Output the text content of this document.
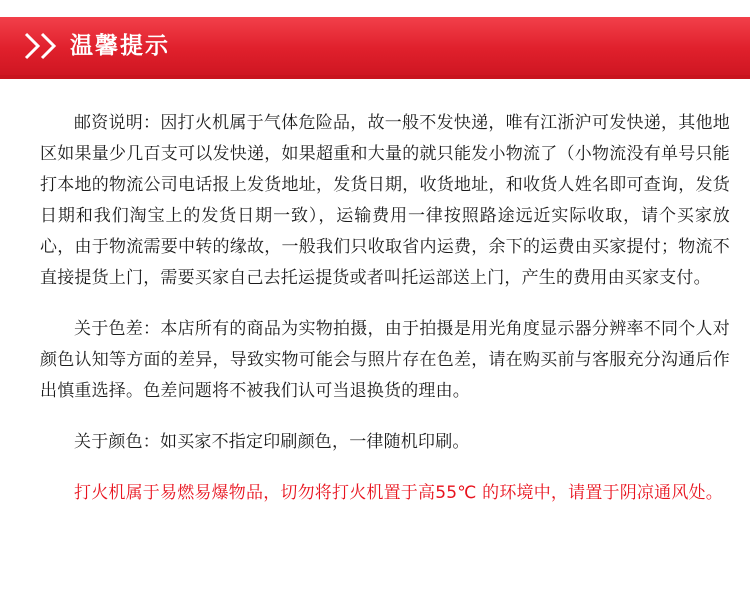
温馨提示

邮资说明：因打火机属于气体危险品，故一般不发快递，唯有江浙沪可发快递，其他地区如果量少几百支可以发快递，如果超重和大量的就只能发小物流了（小物流没有单号只能打本地的物流公司电话报上发货地址，发货日期，收货地址，和收货人姓名即可查询，发货日期和我们淘宝上的发货日期一致），运输费用一律按照路途远近实际收取，请个买家放心，由于物流需要中转的缘故，一般我们只收取省内运费，余下的运费由买家提付；物流不直接提货上门，需要买家自己去托运提货或者叫托运部送上门，产生的费用由买家支付。

关于色差：本店所有的商品为实物拍摄，由于拍摄是用光角度显示器分辨率不同个人对颜色认知等方面的差异，导致实物可能会与照片存在色差，请在购买前与客服充分沟通后作出慎重选择。色差问题将不被我们认可当退换货的理由。

关于颜色：如买家不指定印刷颜色，一律随机印刷。

打火机属于易燃易爆物品，切勿将打火机置于高55℃ 的环境中，请置于阴凉通风处。
